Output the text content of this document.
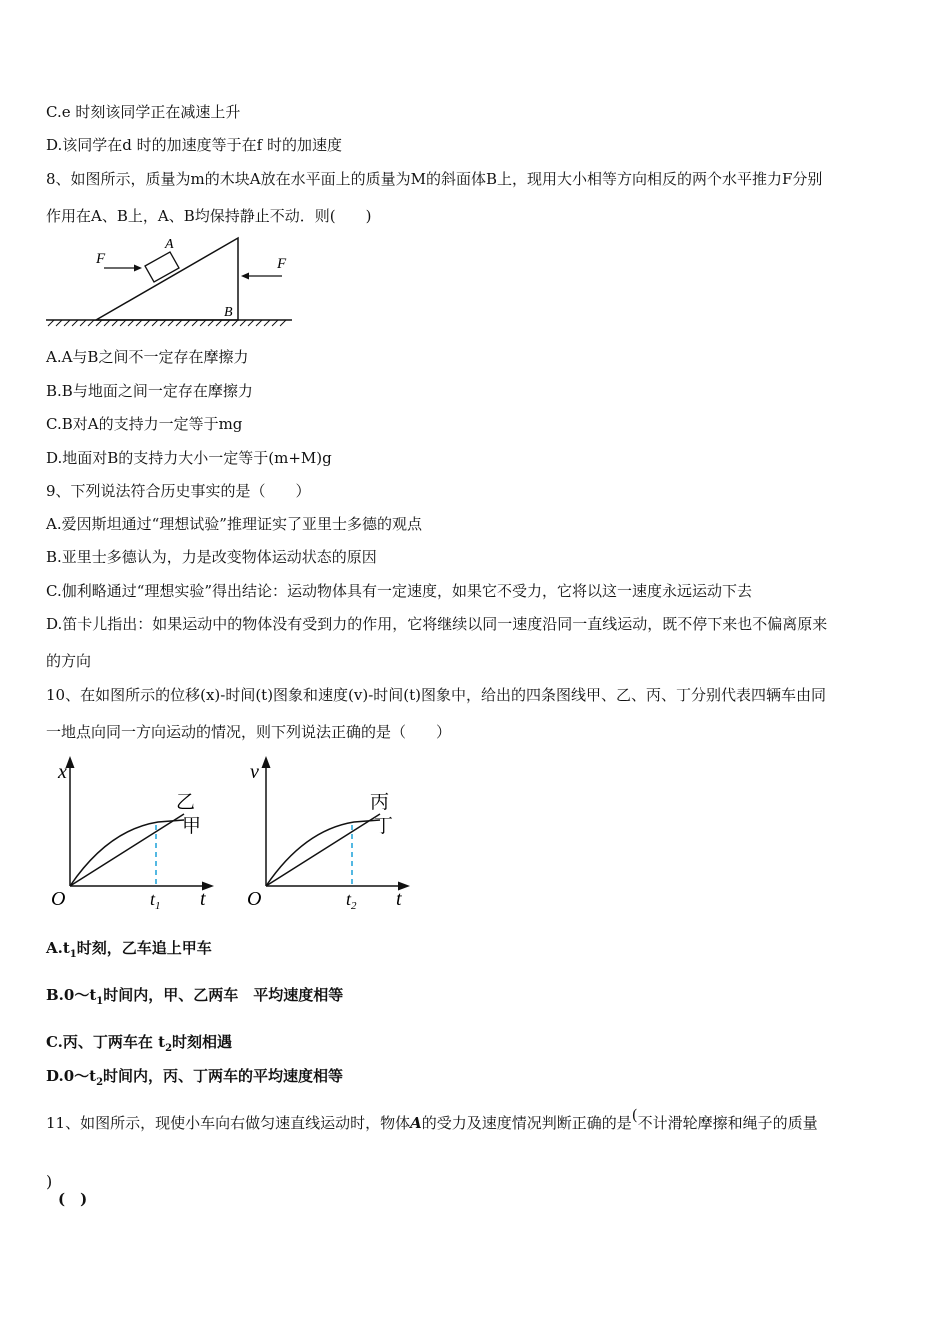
C.e 时刻该同学正在减速上升
D.该同学在d 时的加速度等于在f 时的加速度
8、如图所示，质量为m的木块A放在水平面上的质量为M的斜面体B上，现用大小相等方向相反的两个水平推力F分别
作用在A、B上，A、B均保持静止不动．则(　　)
F	F
A
B
A.A与B之间不一定存在摩擦力
B.B与地面之间一定存在摩擦力
C.B对A的支持力一定等于mg
D.地面对B的支持力大小一定等于(m+M)g
9、下列说法符合历史事实的是（　　）
A.爱因斯坦通过“理想试验”推理证实了亚里士多德的观点
B.亚里士多德认为，力是改变物体运动状态的原因
C.伽利略通过“理想实验”得出结论：运动物体具有一定速度，如果它不受力，它将以这一速度永远运动下去
D.笛卡儿指出：如果运动中的物体没有受到力的作用，它将继续以同一速度沿同一直线运动，既不停下来也不偏离原来
的方向
10、在如图所示的位移(x)-时间(t)图象和速度(v)-时间(t)图象中，给出的四条图线甲、乙、丙、丁分别代表四辆车由同
一地点向同一方向运动的情况，则下列说法正确的是（　　）
x
t
O	$t_1$
乙
甲
v
t
O	$t_2$
丙
丁
$A.t_1$时刻，乙车追上甲车
$B.0\sim t_1$时间内，甲、乙两车　平均速度相等
C.丙、丁两车在 $t_2$时刻相遇
$D.0\sim t_2$时间内，丙、丁两车的平均速度相等
11、如图所示，现使小车向右做匀速直线运动时，物体A的受力及速度情况判断正确的是(不计滑轮摩擦和绳子的质量
)
(　)
